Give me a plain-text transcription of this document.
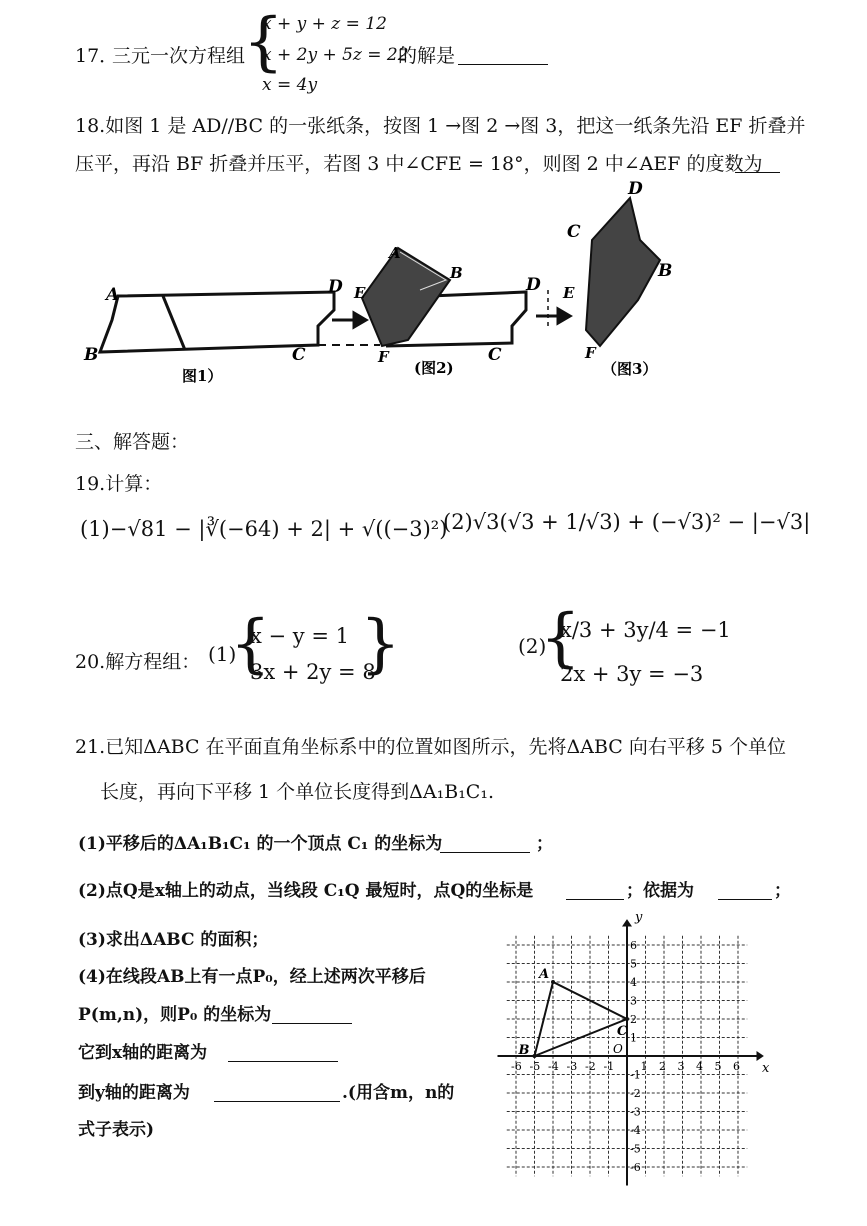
17．
三元一次方程组
{
x + y + z = 12
x + 2y + 5z = 22
x = 4y
的解是
18.如图 1 是 AD//BC 的一张纸条，按图 1 →图 2 →图 3，把这一纸条先沿 EF 折叠并
压平，再沿 BF 折叠并压平，若图 3 中∠CFE = 18°，则图 2 中∠AEF 的度数为
A	D
B	C
图1）
A
B
E
F	C
D
(图2)
D
C
B
E
F
（图3）
三、解答题：
19.计算：
(1)−√81 − |∛(−64) + 2| + √((−3)²)
(2)√3(√3 + 1/√3) + (−√3)² − |−√3|
20.解方程组： (1)
{
x − y = 1
3x + 2y = 8
}	(2)
{
x/3 + 3y/4 = −1
2x + 3y = −3
21.已知ΔABC 在平面直角坐标系中的位置如图所示，先将ΔABC 向右平移 5 个单位
长度，再向下平移 1 个单位长度得到ΔA₁B₁C₁.
(1)平移后的ΔA₁B₁C₁ 的一个顶点 C₁ 的坐标为	；
(2)点Q是x轴上的动点，当线段 C₁Q 最短时，点Q的坐标是	；依据为	；
(3)求出ΔABC 的面积；
(4)在线段AB上有一点P₀，经上述两次平移后
P(m,n)，则P₀ 的坐标为
它到x轴的距离为
到y轴的距离为	.(用含m，n的
式子表示)
x
y
O
-6 -5 -4 -3 -2 -1 1 2 3 4 5 6
6
5
4
3
2
1
-1
-2
-3
-4
-5
-6
A
B
C
